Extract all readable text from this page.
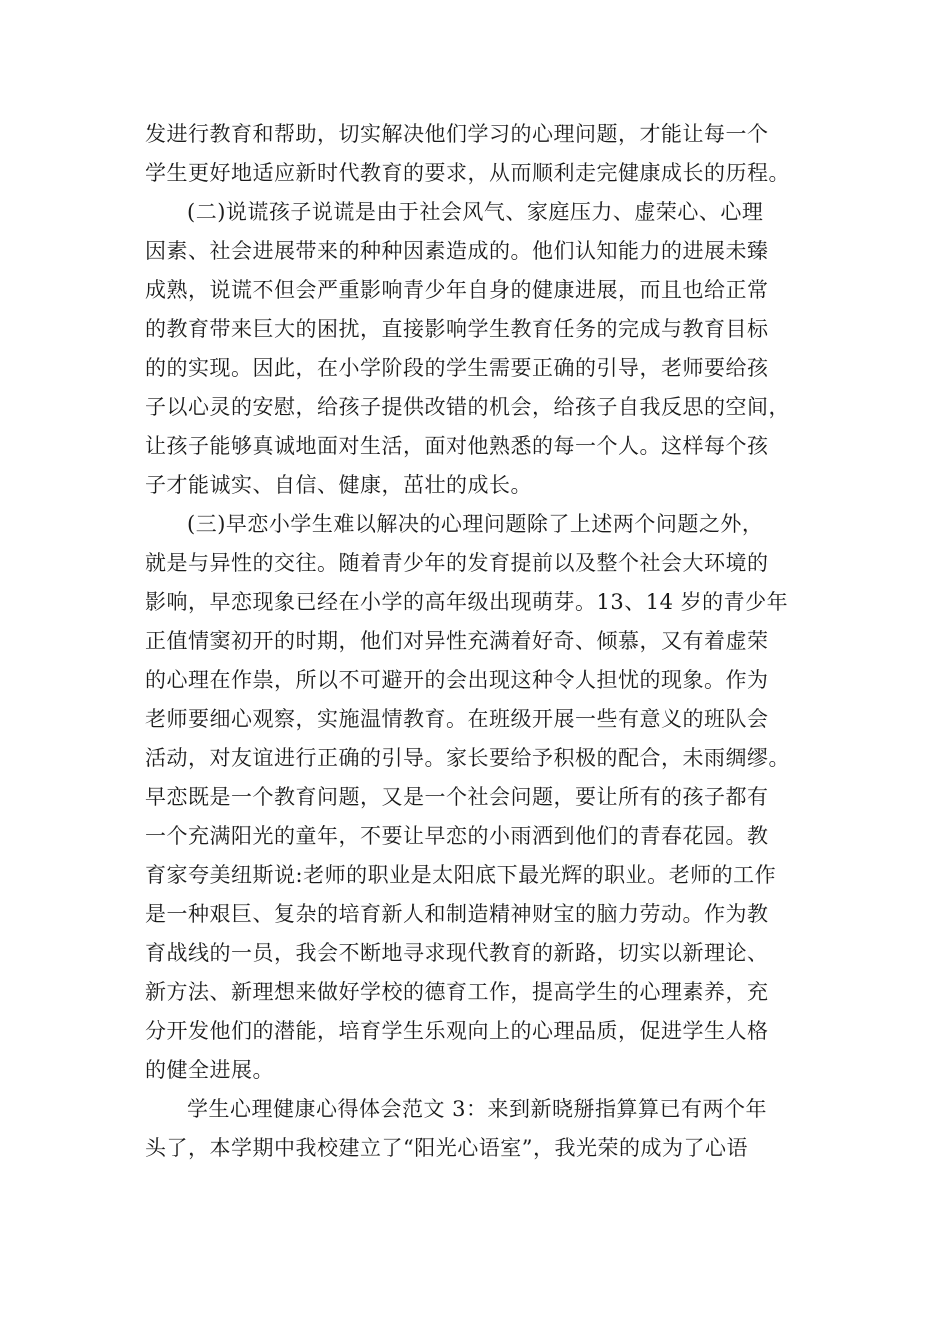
发进行教育和帮助，切实解决他们学习的心理问题，才能让每一个
学生更好地适应新时代教育的要求，从而顺利走完健康成长的历程。
(二)说谎孩子说谎是由于社会风气、家庭压力、虚荣心、心理
因素、社会进展带来的种种因素造成的。他们认知能力的进展未臻
成熟，说谎不但会严重影响青少年自身的健康进展，而且也给正常
的教育带来巨大的困扰，直接影响学生教育任务的完成与教育目标
的的实现。因此，在小学阶段的学生需要正确的引导，老师要给孩
子以心灵的安慰，给孩子提供改错的机会，给孩子自我反思的空间，
让孩子能够真诚地面对生活，面对他熟悉的每一个人。这样每个孩
子才能诚实、自信、健康，茁壮的成长。
(三)早恋小学生难以解决的心理问题除了上述两个问题之外，
就是与异性的交往。随着青少年的发育提前以及整个社会大环境的
影响，早恋现象已经在小学的高年级出现萌芽。13、14 岁的青少年
正值情窦初开的时期，他们对异性充满着好奇、倾慕，又有着虚荣
的心理在作祟，所以不可避开的会出现这种令人担忧的现象。作为
老师要细心观察，实施温情教育。在班级开展一些有意义的班队会
活动，对友谊进行正确的引导。家长要给予积极的配合，未雨绸缪。
早恋既是一个教育问题，又是一个社会问题，要让所有的孩子都有
一个充满阳光的童年，不要让早恋的小雨洒到他们的青春花园。教
育家夸美纽斯说:老师的职业是太阳底下最光辉的职业。老师的工作
是一种艰巨、复杂的培育新人和制造精神财宝的脑力劳动。作为教
育战线的一员，我会不断地寻求现代教育的新路，切实以新理论、
新方法、新理想来做好学校的德育工作，提高学生的心理素养，充
分开发他们的潜能，培育学生乐观向上的心理品质，促进学生人格
的健全进展。
学生心理健康心得体会范文 3：来到新晓掰指算算已有两个年
头了，本学期中我校建立了“阳光心语室”，我光荣的成为了心语
